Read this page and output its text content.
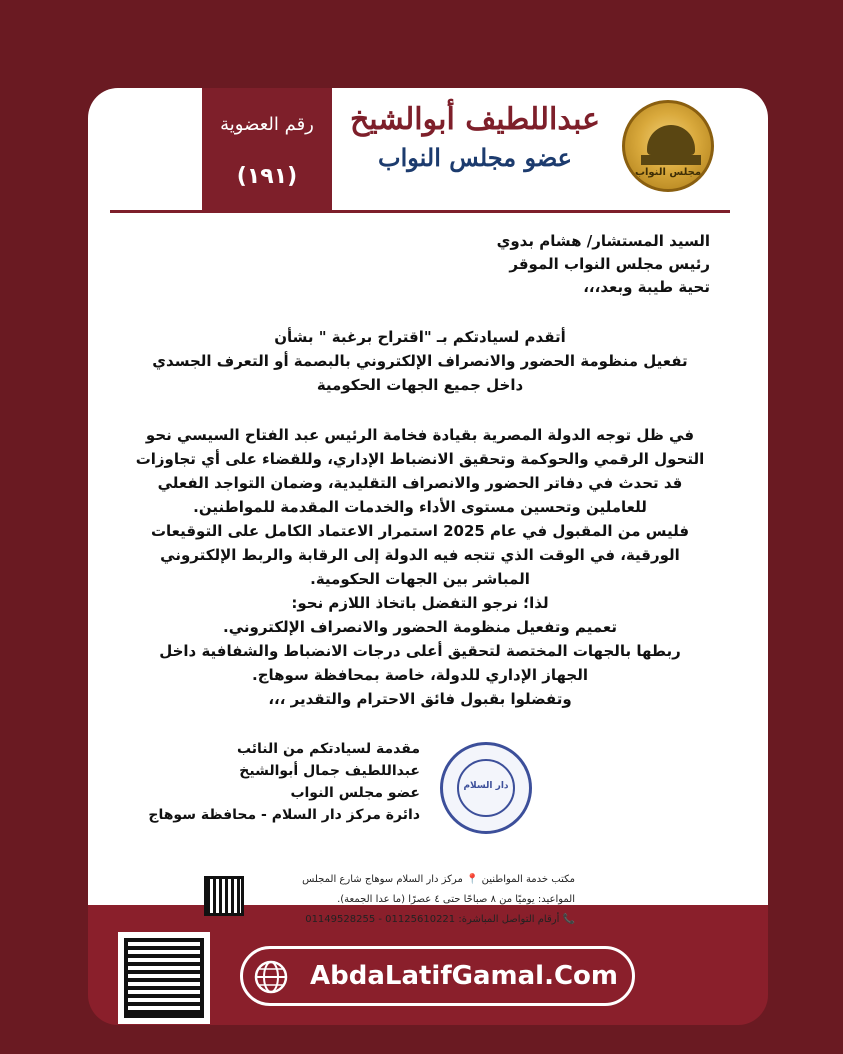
رقم العضوية
(١٩١)
عبداللطيف أبوالشيخ
عضو مجلس النواب
مجلس النواب
السيد المستشار/ هشام بدوي
رئيس مجلس النواب الموقر
تحية طيبة وبعد،،،
أتقدم لسيادتكم بـ "اقتراح برغبة " بشأن
تفعيل منظومة الحضور والانصراف الإلكتروني بالبصمة أو التعرف الجسدي
داخل جميع الجهات الحكومية
في ظل توجه الدولة المصرية بقيادة فخامة الرئيس عبد الفتاح السيسي نحو
التحول الرقمي والحوكمة وتحقيق الانضباط الإداري، وللقضاء على أي تجاوزات
قد تحدث في دفاتر الحضور والانصراف التقليدية، وضمان التواجد الفعلي
للعاملين وتحسين مستوى الأداء والخدمات المقدمة للمواطنين.
فليس من المقبول في عام 2025 استمرار الاعتماد الكامل على التوقيعات
الورقية، في الوقت الذي تتجه فيه الدولة إلى الرقابة والربط الإلكتروني
المباشر بين الجهات الحكومية.
لذا؛ نرجو التفضل باتخاذ اللازم نحو:
تعميم وتفعيل منظومة الحضور والانصراف الإلكتروني.
ربطها بالجهات المختصة لتحقيق أعلى درجات الانضباط والشفافية داخل
الجهاز الإداري للدولة، خاصة بمحافظة سوهاج.
وتفضلوا بقبول فائق الاحترام والتقدير ،،،
مقدمة لسيادتكم من النائب
عبداللطيف جمال أبوالشيخ
عضو مجلس النواب
دائرة مركز دار السلام - محافظة سوهاج
دار السلام
مكتب خدمة المواطنين 📍 مركز دار السلام سوهاج شارع المجلس
المواعيد: يوميًا من ٨ صباحًا حتى ٤ عصرًا (ما عدا الجمعة).
📞 أرقام التواصل المباشرة: 01125610221 - 01149528255
AbdaLatifGamal.Com
